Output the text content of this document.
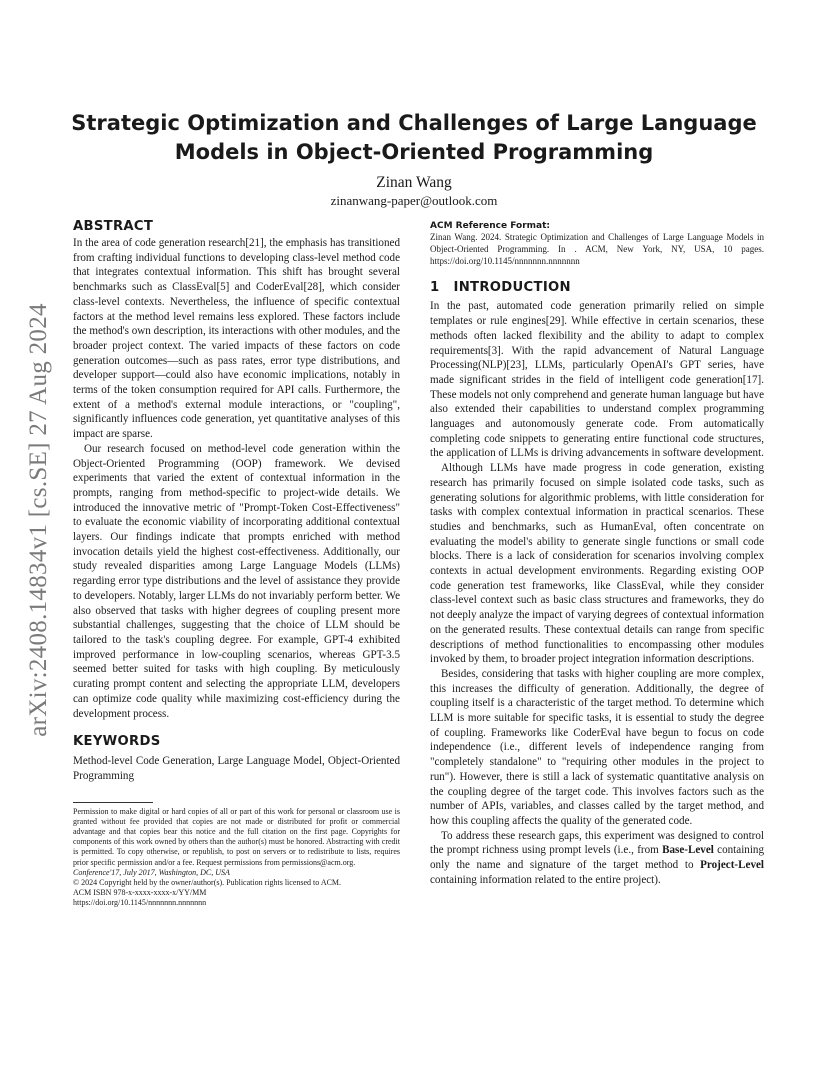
arXiv:2408.14834v1 [cs.SE] 27 Aug 2024
Strategic Optimization and Challenges of Large Language Models in Object-Oriented Programming
Zinan Wang
zinanwang-paper@outlook.com
ABSTRACT

In the area of code generation research[21], the emphasis has transitioned from crafting individual functions to developing class-level method code that integrates contextual information. This shift has brought several benchmarks such as ClassEval[5] and CoderEval[28], which consider class-level contexts. Nevertheless, the influence of specific contextual factors at the method level remains less explored. These factors include the method's own description, its interactions with other modules, and the broader project context. The varied impacts of these factors on code generation outcomes—such as pass rates, error type distributions, and developer support—could also have economic implications, notably in terms of the token consumption required for API calls. Furthermore, the extent of a method's external module interactions, or "coupling", significantly influences code generation, yet quantitative analyses of this impact are sparse.

Our research focused on method-level code generation within the Object-Oriented Programming (OOP) framework. We devised experiments that varied the extent of contextual information in the prompts, ranging from method-specific to project-wide details. We introduced the innovative metric of "Prompt-Token Cost-Effectiveness" to evaluate the economic viability of incorporating additional contextual layers. Our findings indicate that prompts enriched with method invocation details yield the highest cost-effectiveness. Additionally, our study revealed disparities among Large Language Models (LLMs) regarding error type distributions and the level of assistance they provide to developers. Notably, larger LLMs do not invariably perform better. We also observed that tasks with higher degrees of coupling present more substantial challenges, suggesting that the choice of LLM should be tailored to the task's coupling degree. For example, GPT-4 exhibited improved performance in low-coupling scenarios, whereas GPT-3.5 seemed better suited for tasks with high coupling. By meticulously curating prompt content and selecting the appropriate LLM, developers can optimize code quality while maximizing cost-efficiency during the development process.

KEYWORDS

Method-level Code Generation, Large Language Model, Object-Oriented Programming

Permission to make digital or hard copies of all or part of this work for personal or classroom use is granted without fee provided that copies are not made or distributed for profit or commercial advantage and that copies bear this notice and the full citation on the first page. Copyrights for components of this work owned by others than the author(s) must be honored. Abstracting with credit is permitted. To copy otherwise, or republish, to post on servers or to redistribute to lists, requires prior specific permission and/or a fee. Request permissions from permissions@acm.org.

Conference'17, July 2017, Washington, DC, USA

© 2024 Copyright held by the owner/author(s). Publication rights licensed to ACM.

ACM ISBN 978-x-xxxx-xxxx-x/YY/MM

https://doi.org/10.1145/nnnnnnn.nnnnnnn

ACM Reference Format:

Zinan Wang. 2024. Strategic Optimization and Challenges of Large Language Models in Object-Oriented Programming. In . ACM, New York, NY, USA, 10 pages. https://doi.org/10.1145/nnnnnnn.nnnnnnn

1 INTRODUCTION

In the past, automated code generation primarily relied on simple templates or rule engines[29]. While effective in certain scenarios, these methods often lacked flexibility and the ability to adapt to complex requirements[3]. With the rapid advancement of Natural Language Processing(NLP)[23], LLMs, particularly OpenAI's GPT series, have made significant strides in the field of intelligent code generation[17]. These models not only comprehend and generate human language but have also extended their capabilities to understand complex programming languages and autonomously generate code. From automatically completing code snippets to generating entire functional code structures, the application of LLMs is driving advancements in software development.

Although LLMs have made progress in code generation, existing research has primarily focused on simple isolated code tasks, such as generating solutions for algorithmic problems, with little consideration for tasks with complex contextual information in practical scenarios. These studies and benchmarks, such as HumanEval, often concentrate on evaluating the model's ability to generate single functions or small code blocks. There is a lack of consideration for scenarios involving complex contexts in actual development environments. Regarding existing OOP code generation test frameworks, like ClassEval, while they consider class-level context such as basic class structures and frameworks, they do not deeply analyze the impact of varying degrees of contextual information on the generated results. These contextual details can range from specific descriptions of method functionalities to encompassing other modules invoked by them, to broader project integration information descriptions.

Besides, considering that tasks with higher coupling are more complex, this increases the difficulty of generation. Additionally, the degree of coupling itself is a characteristic of the target method. To determine which LLM is more suitable for specific tasks, it is essential to study the degree of coupling. Frameworks like CoderEval have begun to focus on code independence (i.e., different levels of independence ranging from "completely standalone" to "requiring other modules in the project to run"). However, there is still a lack of systematic quantitative analysis on the coupling degree of the target code. This involves factors such as the number of APIs, variables, and classes called by the target method, and how this coupling affects the quality of the generated code.

To address these research gaps, this experiment was designed to control the prompt richness using prompt levels (i.e., from Base-Level containing only the name and signature of the target method to Project-Level containing information related to the entire project).
